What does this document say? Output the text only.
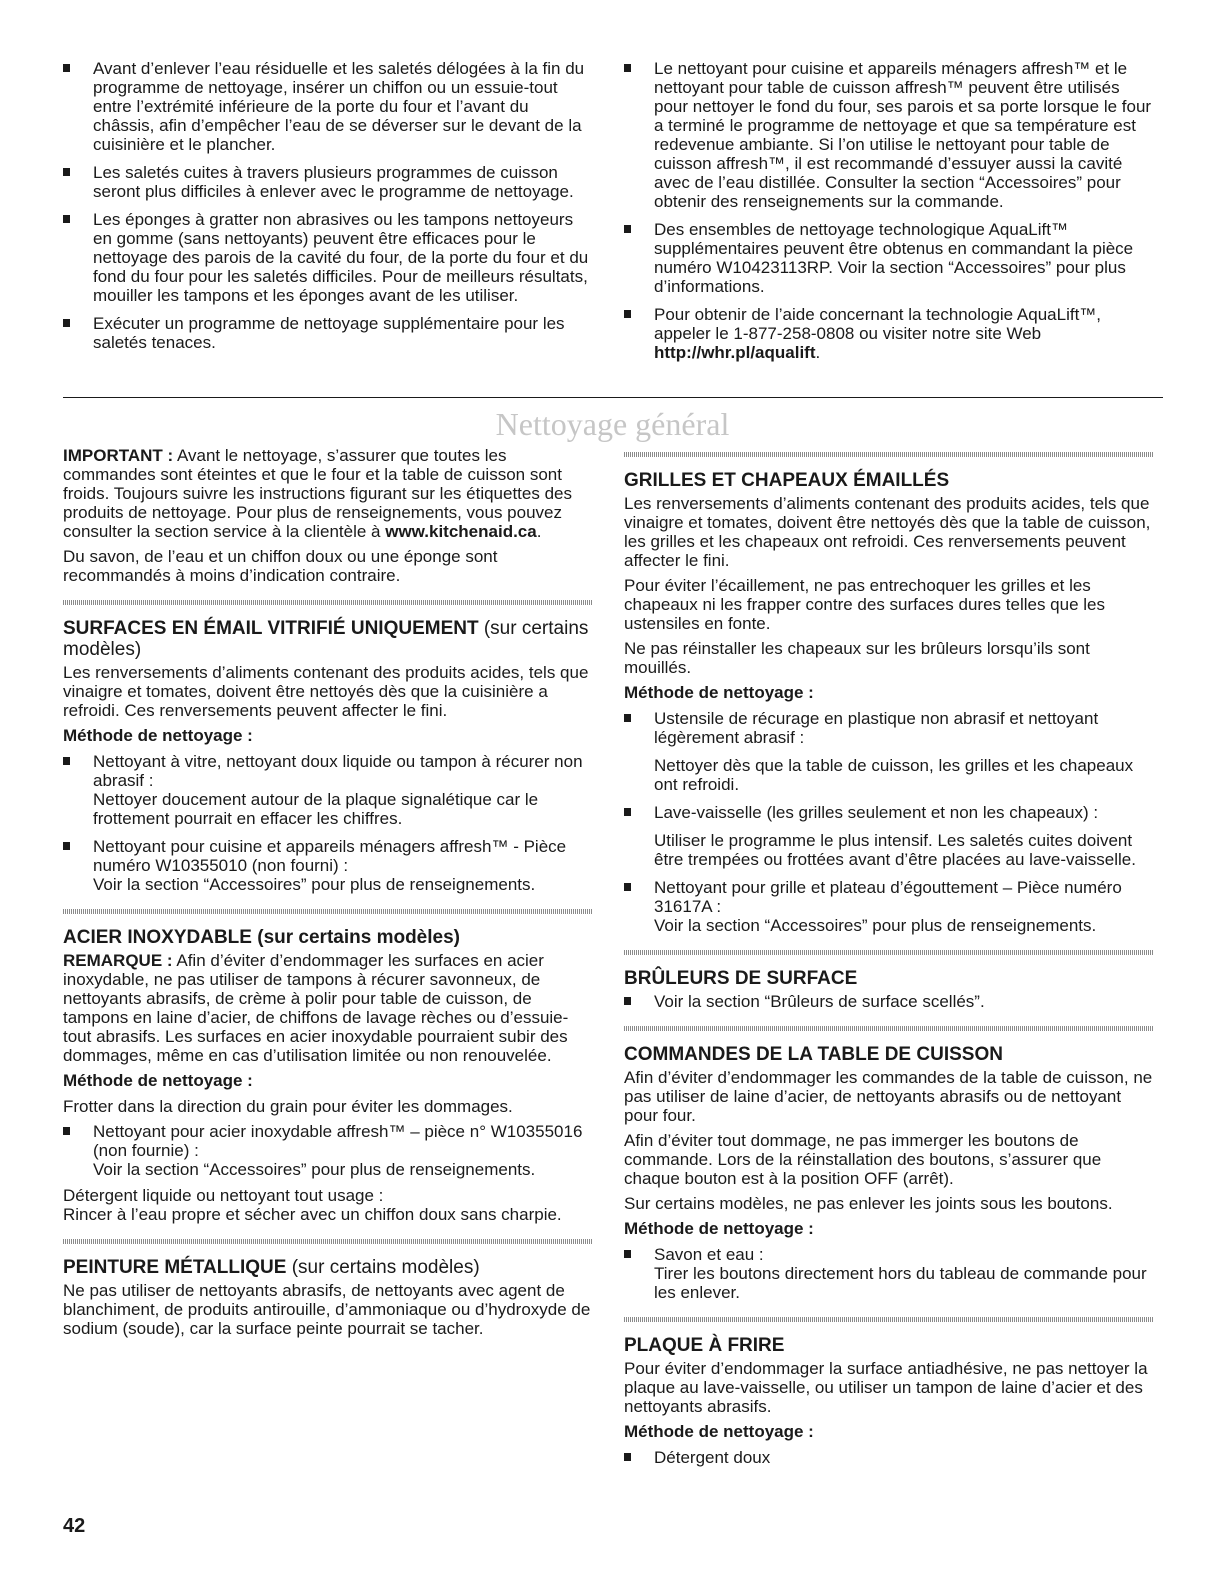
Avant d’enlever l’eau résiduelle et les saletés délogées à la fin du programme de nettoyage, insérer un chiffon ou un essuie-tout entre l’extrémité inférieure de la porte du four et l’avant du châssis, afin d’empêcher l’eau de se déverser sur le devant de la cuisinière et le plancher.
Les saletés cuites à travers plusieurs programmes de cuisson seront plus difficiles à enlever avec le programme de nettoyage.
Les éponges à gratter non abrasives ou les tampons nettoyeurs en gomme (sans nettoyants) peuvent être efficaces pour le nettoyage des parois de la cavité du four, de la porte du four et du fond du four pour les saletés difficiles. Pour de meilleurs résultats, mouiller les tampons et les éponges avant de les utiliser.
Exécuter un programme de nettoyage supplémentaire pour les saletés tenaces.
Le nettoyant pour cuisine et appareils ménagers affresh™ et le nettoyant pour table de cuisson affresh™ peuvent être utilisés pour nettoyer le fond du four, ses parois et sa porte lorsque le four a terminé le programme de nettoyage et que sa température est redevenue ambiante. Si l’on utilise le nettoyant pour table de cuisson affresh™, il est recommandé d’essuyer aussi la cavité avec de l’eau distillée. Consulter la section “Accessoires” pour obtenir des renseignements sur la commande.
Des ensembles de nettoyage technologique AquaLift™ supplémentaires peuvent être obtenus en commandant la pièce numéro W10423113RP. Voir la section “Accessoires” pour plus d’informations.
Pour obtenir de l’aide concernant la technologie AquaLift™, appeler le 1-877-258-0808 ou visiter notre site Web http://whr.pl/aqualift.
Nettoyage général

IMPORTANT : Avant le nettoyage, s’assurer que toutes les commandes sont éteintes et que le four et la table de cuisson sont froids. Toujours suivre les instructions figurant sur les étiquettes des produits de nettoyage. Pour plus de renseignements, vous pouvez consulter la section service à la clientèle à www.kitchenaid.ca.

Du savon, de l’eau et un chiffon doux ou une éponge sont recommandés à moins d’indication contraire.

SURFACES EN ÉMAIL VITRIFIÉ UNIQUEMENT (sur certains modèles)

Les renversements d’aliments contenant des produits acides, tels que vinaigre et tomates, doivent être nettoyés dès que la cuisinière a refroidi. Ces renversements peuvent affecter le fini.

Méthode de nettoyage :
Nettoyant à vitre, nettoyant doux liquide ou tampon à récurer non abrasif :
Nettoyer doucement autour de la plaque signalétique car le frottement pourrait en effacer les chiffres.
Nettoyant pour cuisine et appareils ménagers affresh™ - Pièce numéro W10355010 (non fourni) :
Voir la section “Accessoires” pour plus de renseignements.
ACIER INOXYDABLE (sur certains modèles)

REMARQUE : Afin d’éviter d’endommager les surfaces en acier inoxydable, ne pas utiliser de tampons à récurer savonneux, de nettoyants abrasifs, de crème à polir pour table de cuisson, de tampons en laine d’acier, de chiffons de lavage rèches ou d’essuie-tout abrasifs. Les surfaces en acier inoxydable pourraient subir des dommages, même en cas d’utilisation limitée ou non renouvelée.

Méthode de nettoyage :

Frotter dans la direction du grain pour éviter les dommages.

Nettoyant pour acier inoxydable affresh™ – pièce n° W10355016 (non fournie) :
Voir la section “Accessoires” pour plus de renseignements.

Détergent liquide ou nettoyant tout usage :
Rincer à l’eau propre et sécher avec un chiffon doux sans charpie.

PEINTURE MÉTALLIQUE (sur certains modèles)

Ne pas utiliser de nettoyants abrasifs, de nettoyants avec agent de blanchiment, de produits antirouille, d’ammoniaque ou d’hydroxyde de sodium (soude), car la surface peinte pourrait se tacher.

GRILLES ET CHAPEAUX ÉMAILLÉS

Les renversements d’aliments contenant des produits acides, tels que vinaigre et tomates, doivent être nettoyés dès que la table de cuisson, les grilles et les chapeaux ont refroidi. Ces renversements peuvent affecter le fini.

Pour éviter l’écaillement, ne pas entrechoquer les grilles et les chapeaux ni les frapper contre des surfaces dures telles que les ustensiles en fonte.

Ne pas réinstaller les chapeaux sur les brûleurs lorsqu’ils sont mouillés.

Méthode de nettoyage :

Ustensile de récurage en plastique non abrasif et nettoyant légèrement abrasif :

Nettoyer dès que la table de cuisson, les grilles et les chapeaux ont refroidi.

Lave-vaisselle (les grilles seulement et non les chapeaux) :

Utiliser le programme le plus intensif. Les saletés cuites doivent être trempées ou frottées avant d’être placées au lave-vaisselle.

Nettoyant pour grille et plateau d’égouttement – Pièce numéro 31617A :
Voir la section “Accessoires” pour plus de renseignements.
BRÛLEURS DE SURFACE
Voir la section “Brûleurs de surface scellés”.
COMMANDES DE LA TABLE DE CUISSON

Afin d’éviter d’endommager les commandes de la table de cuisson, ne pas utiliser de laine d’acier, de nettoyants abrasifs ou de nettoyant pour four.

Afin d’éviter tout dommage, ne pas immerger les boutons de commande. Lors de la réinstallation des boutons, s’assurer que chaque bouton est à la position OFF (arrêt).

Sur certains modèles, ne pas enlever les joints sous les boutons.

Méthode de nettoyage :
Savon et eau :
Tirer les boutons directement hors du tableau de commande pour les enlever.
PLAQUE À FRIRE

Pour éviter d’endommager la surface antiadhésive, ne pas nettoyer la plaque au lave-vaisselle, ou utiliser un tampon de laine d’acier et des nettoyants abrasifs.

Méthode de nettoyage :
Détergent doux
42
